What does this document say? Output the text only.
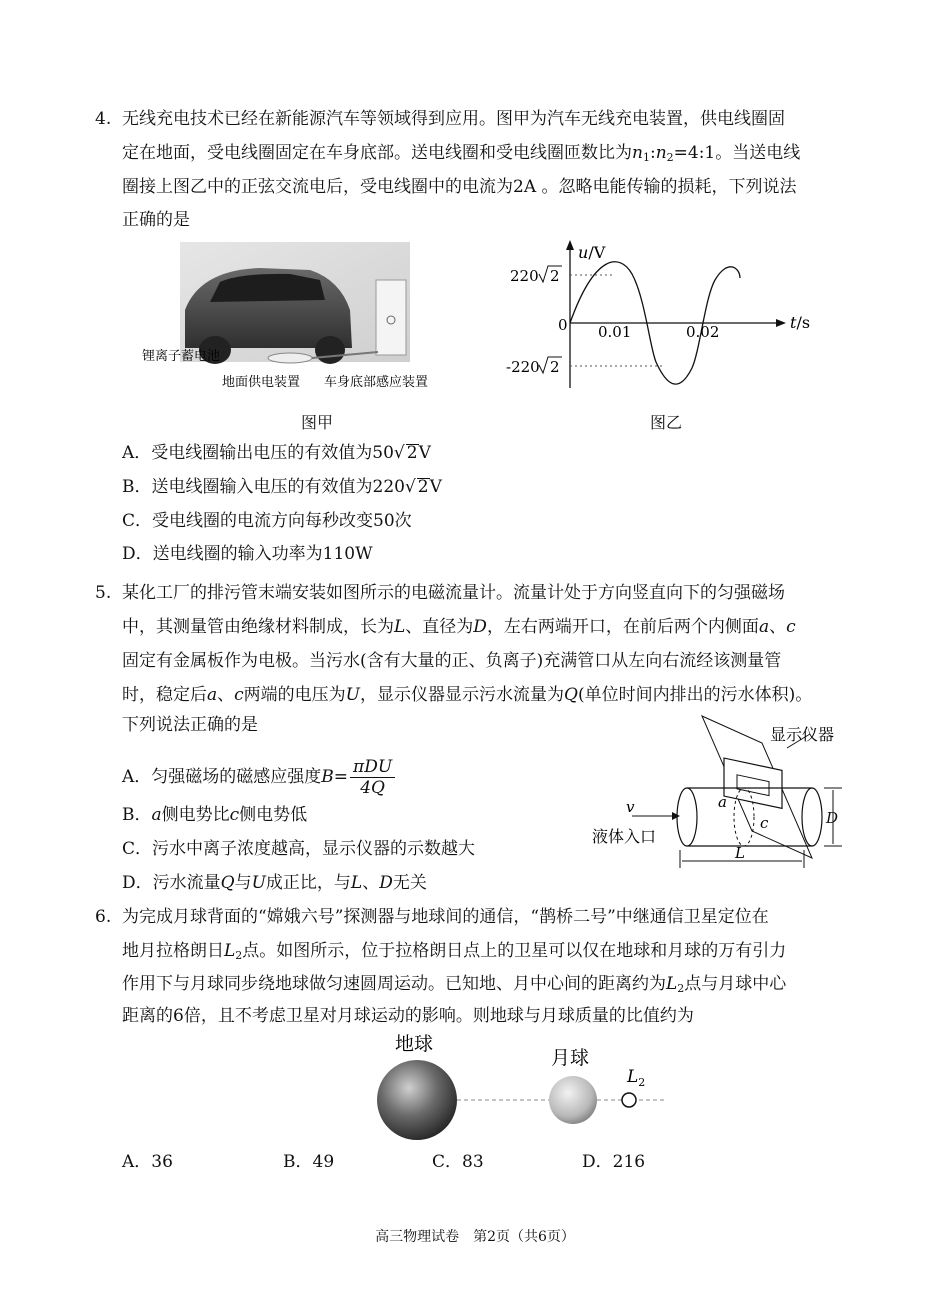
4. 无线充电技术已经在新能源汽车等领域得到应用。图甲为汽车无线充电装置，供电线圈固
定在地面，受电线圈固定在车身底部。送电线圈和受电线圈匝数比为$n_1:n_2=4:1$。当送电线
圈接上图乙中的正弦交流电后，受电线圈中的电流为2A 。忽略电能传输的损耗，下列说法
正确的是
锂离子蓄电池
地面供电装置 车身底部感应装置
图甲
u/V
t/s
220 2
-220 2
0 0.01	0.02
图乙
A．受电线圈输出电压的有效值为50√ 2V
B．送电线圈输入电压的有效值为220√ 2V
C．受电线圈的电流方向每秒改变50次
D．送电线圈的输入功率为110W
5. 某化工厂的排污管末端安装如图所示的电磁流量计。流量计处于方向竖直向下的匀强磁场
中，其测量管由绝缘材料制成，长为L、直径为D，左右两端开口，在前后两个内侧面a、c
固定有金属板作为电极。当污水(含有大量的正、负离子)充满管口从左向右流经该测量管
时，稳定后a、c两端的电压为U，显示仪器显示污水流量为Q(单位时间内排出的污水体积)。
下列说法正确的是	显示仪器
v	a
c
液体入口
D
L
A．匀强磁场的磁感应强度$B= \frac{\text{πDU}}{4Q}$
B．a侧电势比c侧电势低
C．污水中离子浓度越高，显示仪器的示数越大
D．污水流量Q与U成正比，与L、D无关
6. 为完成月球背面的“嫦娥六号”探测器与地球间的通信，“鹊桥二号”中继通信卫星定位在
地月拉格朗日$L_2$点。如图所示，位于拉格朗日点上的卫星可以仅在地球和月球的万有引力
作用下与月球同步绕地球做匀速圆周运动。已知地、月中心间的距离约为$L_2$点与月球中心
距离的6倍，且不考虑卫星对月球运动的影响。则地球与月球质量的比值约为
地球
月球
$L_2$
A．36	B．49	C．83	D．216
高三物理试卷　第2页（共6页）
